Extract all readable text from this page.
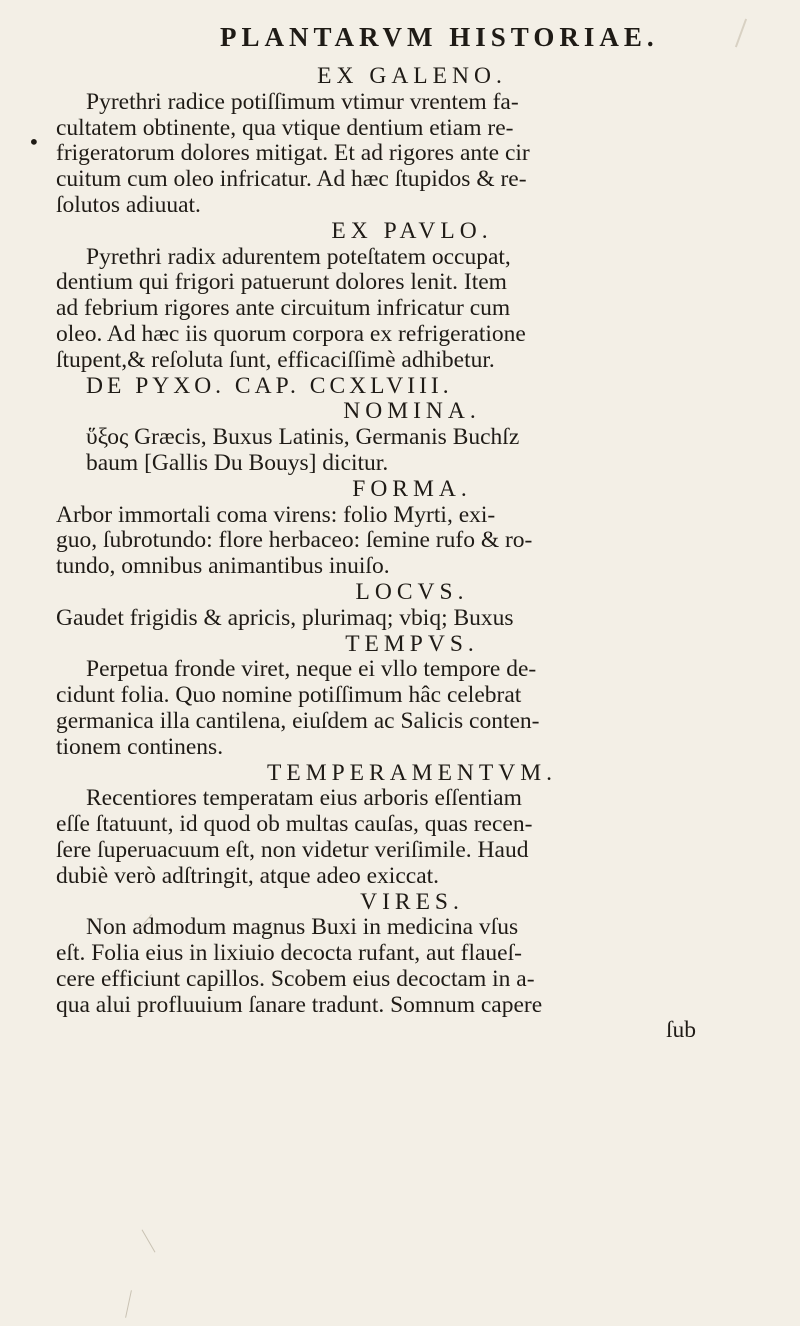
PLANTARVM HISTORIAE.
•
EX GALENO.
Pyrethri radice potiſſimum vtimur vrentem fa-
cultatem obtinente, qua vtique dentium etiam re-
frigeratorum dolores mitigat. Et ad rigores ante cir
cuitum cum oleo infricatur. Ad hæc ſtupidos & re-
ſolutos adiuuat.
EX PAVLO.
Pyrethri radix adurentem poteſtatem occupat,
dentium qui frigori patuerunt dolores lenit. Item
ad febrium rigores ante circuitum infricatur cum
oleo. Ad hæc iis quorum corpora ex refrigeratione
ſtupent,& reſoluta ſunt, efficaciſſimè adhibetur.
DE PYXO. CAP. CCXLVIII.
NOMINA.
ὕξος Græcis, Buxus Latinis, Germanis Buchſz
baum [Gallis Du Bouys] dicitur.
FORMA.
Arbor immortali coma virens: folio Myrti, exi-
guo, ſubrotundo: flore herbaceo: ſemine rufo & ro-
tundo, omnibus animantibus inuiſo.
LOCVS.
Gaudet frigidis & apricis, plurimaq; vbiq; Buxus
TEMPVS.
Perpetua fronde viret, neque ei vllo tempore de-
cidunt folia. Quo nomine potiſſimum hâc celebrat
germanica illa cantilena, eiuſdem ac Salicis conten-
tionem continens.
TEMPERAMENTVM.
Recentiores temperatam eius arboris eſſentiam
eſſe ſtatuunt, id quod ob multas cauſas, quas recen-
ſere ſuperuacuum eſt, non videtur veriſimile. Haud
dubiè verò adſtringit, atque adeo exiccat.
VIRES.
Non admodum magnus Buxi in medicina vſus
eſt. Folia eius in lixiuio decocta rufant, aut flaueſ-
cere efficiunt capillos. Scobem eius decoctam in a-
qua alui profluuium ſanare tradunt. Somnum capere
ſub
